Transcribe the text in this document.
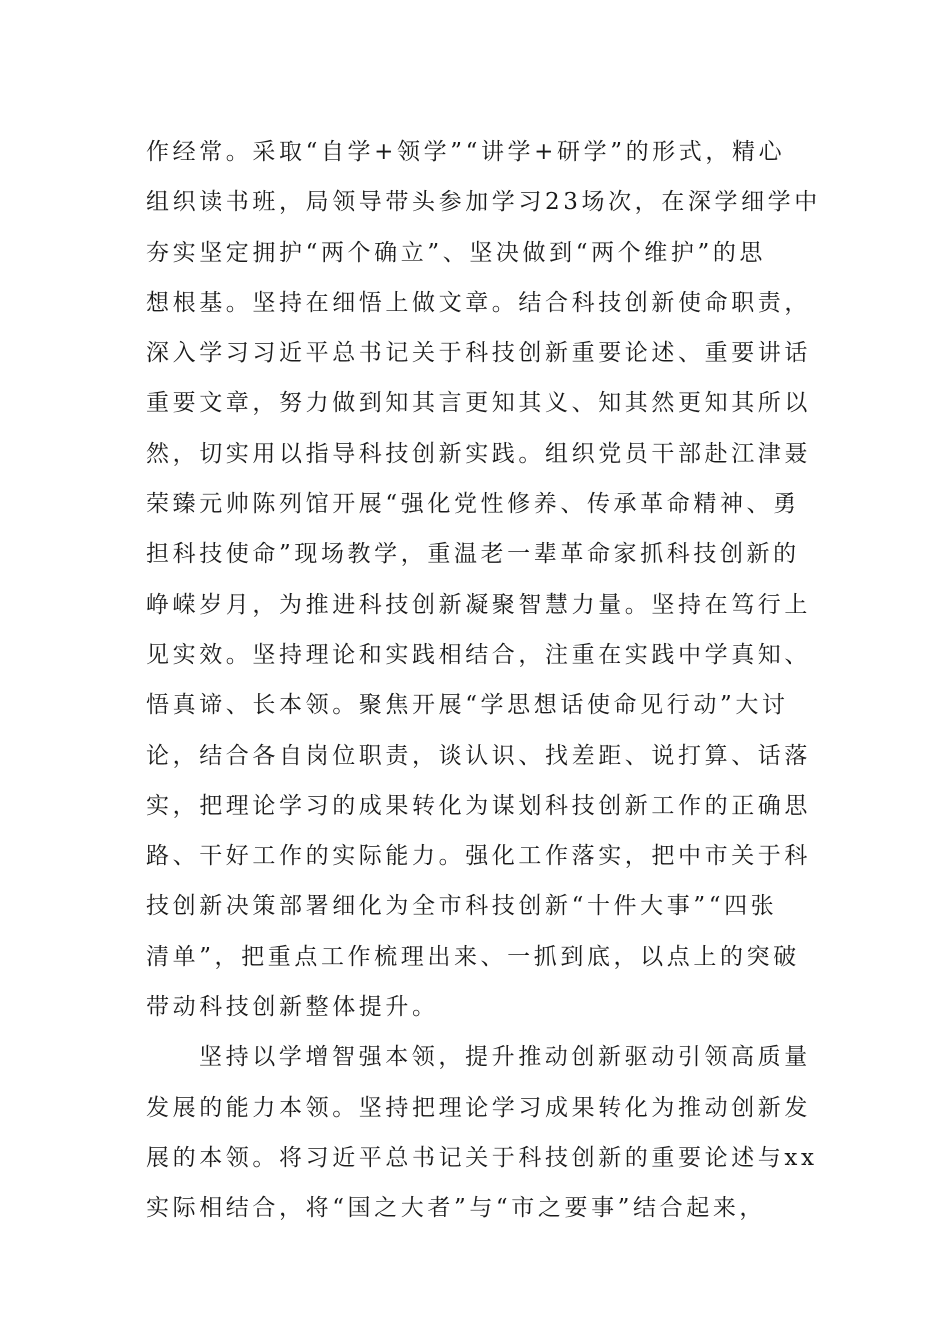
作经常。采取“自学+领学”“讲学+研学”的形式，精心
组织读书班，局领导带头参加学习23场次，在深学细学中
夯实坚定拥护“两个确立”、坚决做到“两个维护”的思
想根基。坚持在细悟上做文章。结合科技创新使命职责，
深入学习习近平总书记关于科技创新重要论述、重要讲话
重要文章，努力做到知其言更知其义、知其然更知其所以
然，切实用以指导科技创新实践。组织党员干部赴江津聂
荣臻元帅陈列馆开展“强化党性修养、传承革命精神、勇
担科技使命”现场教学，重温老一辈革命家抓科技创新的
峥嵘岁月，为推进科技创新凝聚智慧力量。坚持在笃行上
见实效。坚持理论和实践相结合，注重在实践中学真知、
悟真谛、长本领。聚焦开展“学思想话使命见行动”大讨
论，结合各自岗位职责，谈认识、找差距、说打算、话落
实，把理论学习的成果转化为谋划科技创新工作的正确思
路、干好工作的实际能力。强化工作落实，把中市关于科
技创新决策部署细化为全市科技创新“十件大事”“四张
清单”，把重点工作梳理出来、一抓到底，以点上的突破
带动科技创新整体提升。
坚持以学增智强本领，提升推动创新驱动引领高质量
发展的能力本领。坚持把理论学习成果转化为推动创新发
展的本领。将习近平总书记关于科技创新的重要论述与xx
实际相结合，将“国之大者”与“市之要事”结合起来，
